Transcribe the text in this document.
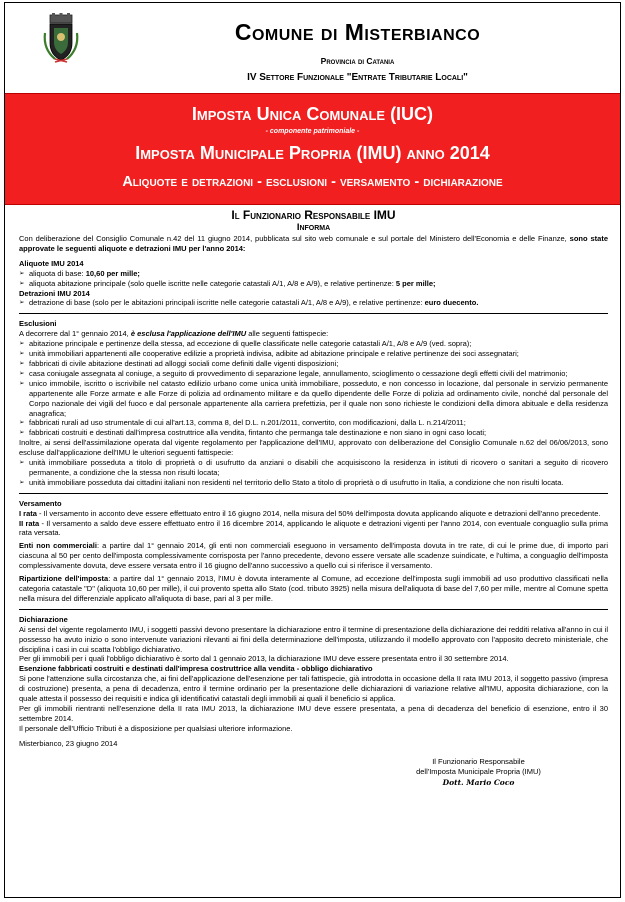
Comune di Misterbianco
Provincia di Catania
IV Settore Funzionale "Entrate Tributarie Locali"
Imposta Unica Comunale (IUC)
- componente patrimoniale -
Imposta Municipale Propria (IMU) anno 2014
Aliquote e detrazioni - esclusioni - versamento - dichiarazione
Il Funzionario Responsabile IMU
Informa

Con deliberazione del Consiglio Comunale n.42 del 11 giugno 2014, pubblicata sul sito web comunale e sul portale del Ministero dell'Economia e delle Finanze, sono state approvate le seguenti aliquote e detrazioni IMU per l'anno 2014:

Aliquote IMU 2014
➢ aliquota di base: 10,60 per mille;
➢ aliquota abitazione principale (solo quelle iscritte nelle categorie catastali A/1, A/8 e A/9), e relative pertinenze: 5 per mille;
Detrazioni IMU 2014
➢ detrazione di base (solo per le abitazioni principali iscritte nelle categorie catastali A/1, A/8 e A/9), e relative pertinenze: euro duecento.
Esclusioni

A decorrere dal 1° gennaio 2014, è esclusa l'applicazione dell'IMU alle seguenti fattispecie:

➢ abitazione principale e pertinenze della stessa, ad eccezione di quelle classificate nelle categorie catastali A/1, A/8 e A/9 (ved. sopra);
➢ unità immobiliari appartenenti alle cooperative edilizie a proprietà indivisa, adibite ad abitazione principale e relative pertinenze dei soci assegnatari;
➢ fabbricati di civile abitazione destinati ad alloggi sociali come definiti dalle vigenti disposizioni;
➢ casa coniugale assegnata al coniuge, a seguito di provvedimento di separazione legale, annullamento, scioglimento o cessazione degli effetti civili del matrimonio;
➢ unico immobile, iscritto o iscrivibile nel catasto edilizio urbano come unica unità immobiliare, posseduto, e non concesso in locazione, dal personale in servizio permanente appartenente alle Forze armate e alle Forze di polizia ad ordinamento militare e da quello dipendente delle Forze di polizia ad ordinamento civile, nonché dal personale del Corpo nazionale dei vigili del fuoco e dal personale appartenente alla carriera prefettizia, per il quale non sono richieste le condizioni della dimora abituale e della residenza anagrafica;
➢ fabbricati rurali ad uso strumentale di cui all'art.13, comma 8, del D.L. n.201/2011, convertito, con modificazioni, dalla L. n.214/2011;
➢ fabbricati costruiti e destinati dall'impresa costruttrice alla vendita, fintanto che permanga tale destinazione e non siano in ogni caso locati;

Inoltre, ai sensi dell'assimilazione operata dal vigente regolamento per l'applicazione dell'IMU, approvato con deliberazione del Consiglio Comunale n.62 del 06/06/2013, sono escluse dall'applicazione dell'IMU le ulteriori seguenti fattispecie:

➢ unità immobiliare posseduta a titolo di proprietà o di usufrutto da anziani o disabili che acquisiscono la residenza in istituti di ricovero o sanitari a seguito di ricovero permanente, a condizione che la stessa non risulti locata;
➢ unità immobiliare posseduta dai cittadini italiani non residenti nel territorio dello Stato a titolo di proprietà o di usufrutto in Italia, a condizione che non risulti locata.
Versamento

I rata - Il versamento in acconto deve essere effettuato entro il 16 giugno 2014, nella misura del 50% dell'imposta dovuta applicando aliquote e detrazioni dell'anno precedente.

II rata - Il versamento a saldo deve essere effettuato entro il 16 dicembre 2014, applicando le aliquote e detrazioni vigenti per l'anno 2014, con eventuale conguaglio sulla prima rata versata.

Enti non commerciali: a partire dal 1° gennaio 2014, gli enti non commerciali eseguono in versamento dell'imposta dovuta in tre rate, di cui le prime due, di importo pari ciascuna al 50 per cento dell'imposta complessivamente corrisposta per l'anno precedente, devono essere versate alle scadenze suindicate, e l'ultima, a conguaglio dell'imposta complessivamente dovuta, deve essere versata entro il 16 giugno dell'anno successivo a quello cui si riferisce il versamento.

Ripartizione dell'imposta: a partire dal 1° gennaio 2013, l'IMU è dovuta interamente al Comune, ad eccezione dell'imposta sugli immobili ad uso produttivo classificati nella categoria catastale "D" (aliquota 10,60 per mille), il cui provento spetta allo Stato (cod. tributo 3925) nella misura dell'aliquota di base del 7,60 per mille, mentre al Comune spetta nella misura del differenziale applicato all'aliquota di base, pari al 3 per mille.

Dichiarazione

Ai sensi del vigente regolamento IMU, i soggetti passivi devono presentare la dichiarazione entro il termine di presentazione della dichiarazione dei redditi relativa all'anno in cui il possesso ha avuto inizio o sono intervenute variazioni rilevanti ai fini della determinazione dell'imposta, utilizzando il modello approvato con l'apposito decreto ministeriale, che disciplina i casi in cui scatta l'obbligo dichiarativo.

Per gli immobili per i quali l'obbligo dichiarativo è sorto dal 1 gennaio 2013, la dichiarazione IMU deve essere presentata entro il 30 settembre 2014.

Esenzione fabbricati costruiti e destinati dall'impresa costruttrice alla vendita - obbligo dichiarativo

Si pone l'attenzione sulla circostanza che, ai fini dell'applicazione dell'esenzione per tali fattispecie, già introdotta in occasione della II rata IMU 2013, il soggetto passivo (impresa di costruzione) presenta, a pena di decadenza, entro il termine ordinario per la presentazione delle dichiarazioni di variazione relative all'IMU, apposita dichiarazione, con la quale attesta il possesso dei requisiti e indica gli identificativi catastali degli immobili ai quali il beneficio si applica.

Per gli immobili rientranti nell'esenzione della II rata IMU 2013, la dichiarazione IMU deve essere presentata, a pena di decadenza del beneficio di esenzione, entro il 30 settembre 2014.

Il personale dell'Ufficio Tributi è a disposizione per qualsiasi ulteriore informazione.

Misterbianco, 23 giugno 2014

Il Funzionario Responsabile
dell'Imposta Municipale Propria (IMU)
Dott. Mario Coco
